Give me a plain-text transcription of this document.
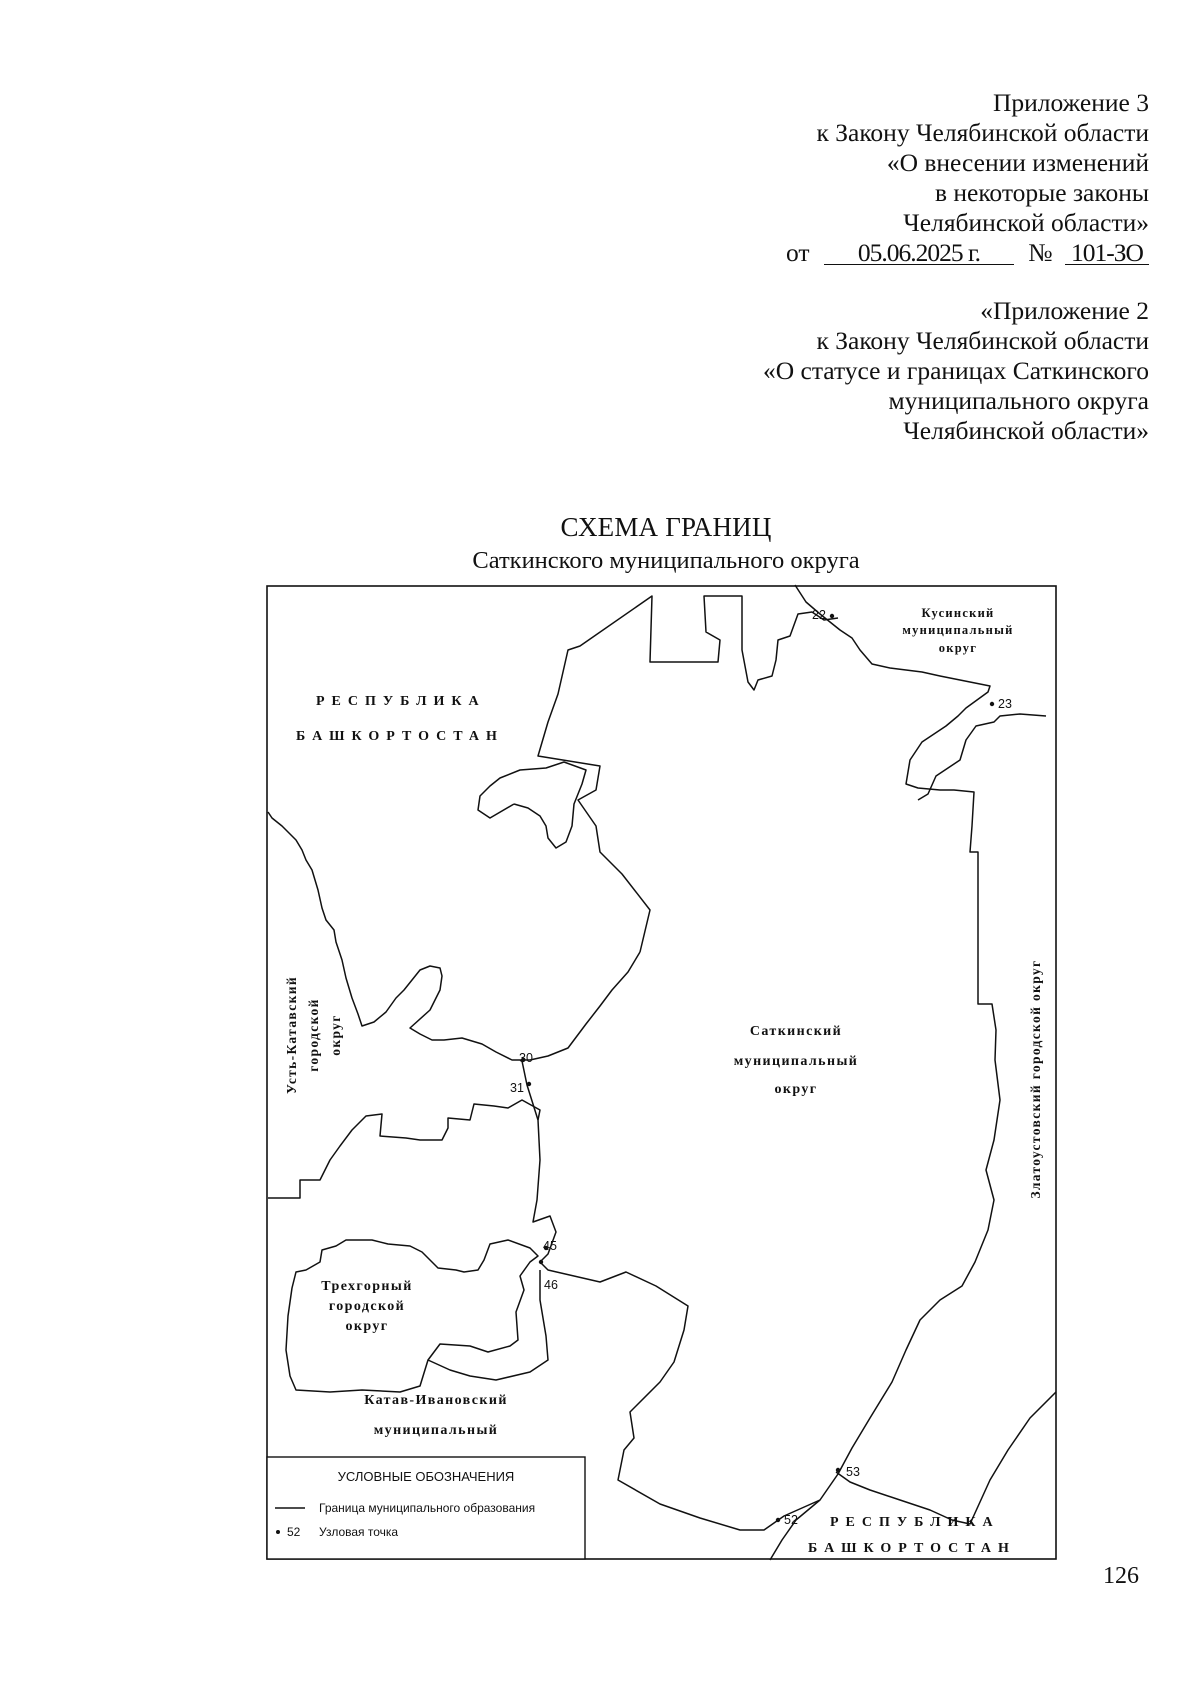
Приложение 3
к Закону Челябинской области
«О внесении изменений
в некоторые законы
Челябинской области»
от 05.06.2025 г. № 101-ЗО
«Приложение 2
к Закону Челябинской области
«О статусе и границах Саткинского
муниципального округа
Челябинской области»
СХЕМА ГРАНИЦ
Саткинского муниципального округа
22
23
30
31
45
46
52
53
РЕСПУБЛИКА
БАШКОРТОСТАН
Кусинский
муниципальный
округ
Саткинский
муниципальный
округ
Усть-Катавский городской округ	Златоустовский городской округ
Трехгорный
городской
округ
Катав-Ивановский
муниципальный
РЕСПУБЛИКА
БАШКОРТОСТАН
УСЛОВНЫЕ ОБОЗНАЧЕНИЯ
Граница муниципального образования
52 Узловая точка
126
